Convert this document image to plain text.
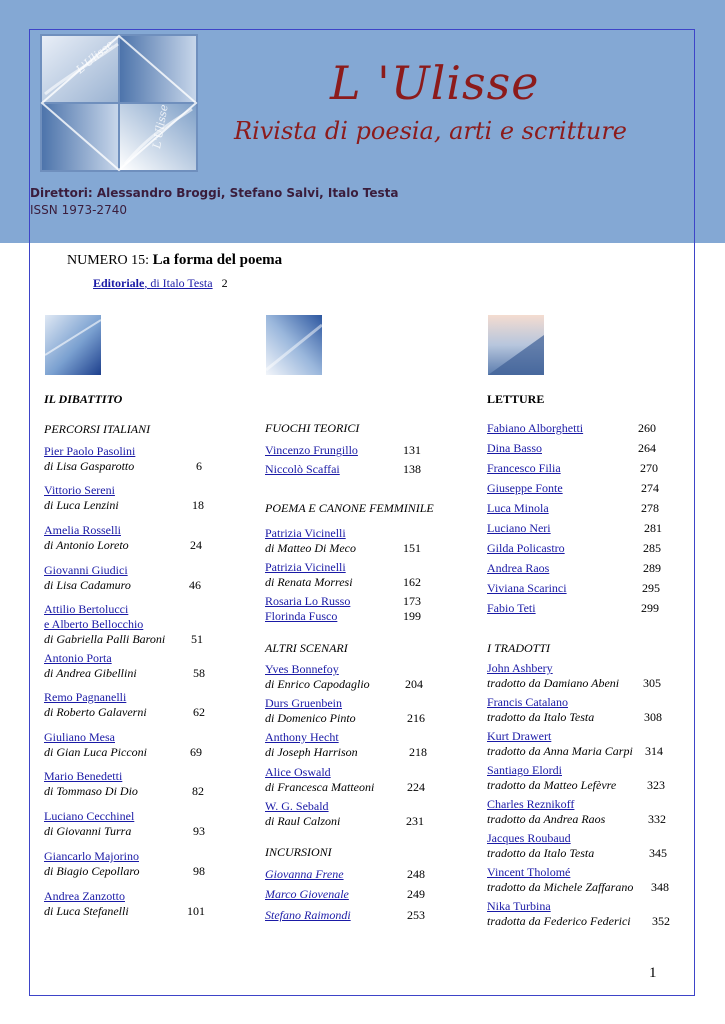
L'Ulisse
L'Ulisse
L 'Ulisse
Rivista di poesia, arti e scritture
Direttori: Alessandro Broggi, Stefano Salvi, Italo Testa
ISSN 1973-2740
NUMERO 15: La forma del poema
Editoriale, di Italo Testa 2
IL DIBATTITO
PERCORSI ITALIANI
Pier Paolo Pasolini
di Lisa Gasparotto	6
Vittorio Sereni
di Luca Lenzini	18
Amelia Rosselli
di Antonio Loreto	24
Giovanni Giudici
di Lisa Cadamuro	46
Attilio Bertolucci
e Alberto Bellocchio
di Gabriella Palli Baroni 51
Antonio Porta
di Andrea Gibellini	58
Remo Pagnanelli
di Roberto Galaverni	62
Giuliano Mesa
di Gian Luca Picconi	69
Mario Benedetti
di Tommaso Di Dio	82
Luciano Cecchinel
di Giovanni Turra	93
Giancarlo Majorino
di Biagio Cepollaro	98
Andrea Zanzotto
di Luca Stefanelli	101
FUOCHI TEORICI
Vincenzo Frungillo	131
Niccolò Scaffai	138
POEMA E CANONE FEMMINILE
Patrizia Vicinelli
di Matteo Di Meco	151
Patrizia Vicinelli
di Renata Morresi	162
Rosaria Lo Russo	173
Florinda Fusco	199
ALTRI SCENARI
Yves Bonnefoy
di Enrico Capodaglio	204
Durs Gruenbein
di Domenico Pinto	216
Anthony Hecht
di Joseph Harrison	218
Alice Oswald
di Francesca Matteoni	224
W. G. Sebald
di Raul Calzoni	231
INCURSIONI
Giovanna Frene	248
Marco Giovenale	249
Stefano Raimondi	253
LETTURE
Fabiano Alborghetti	260
Dina Basso	264
Francesco Filia	270
Giuseppe Fonte	274
Luca Minola	278
Luciano Neri	281
Gilda Policastro	285
Andrea Raos	289
Viviana Scarinci	295
Fabio Teti	299
I TRADOTTI
John Ashbery
tradotto da Damiano Abeni 305
Francis Catalano
tradotto da Italo Testa	308
Kurt Drawert
tradotto da Anna Maria Carpi 314
Santiago Elordi
tradotto da Matteo Lefèvre	323
Charles Reznikoff
tradotto da Andrea Raos	332
Jacques Roubaud
tradotto da Italo Testa	345
Vincent Tholomé
tradotto da Michele Zaffarano 348
Nika Turbina
tradotta da Federico Federici 352
1
